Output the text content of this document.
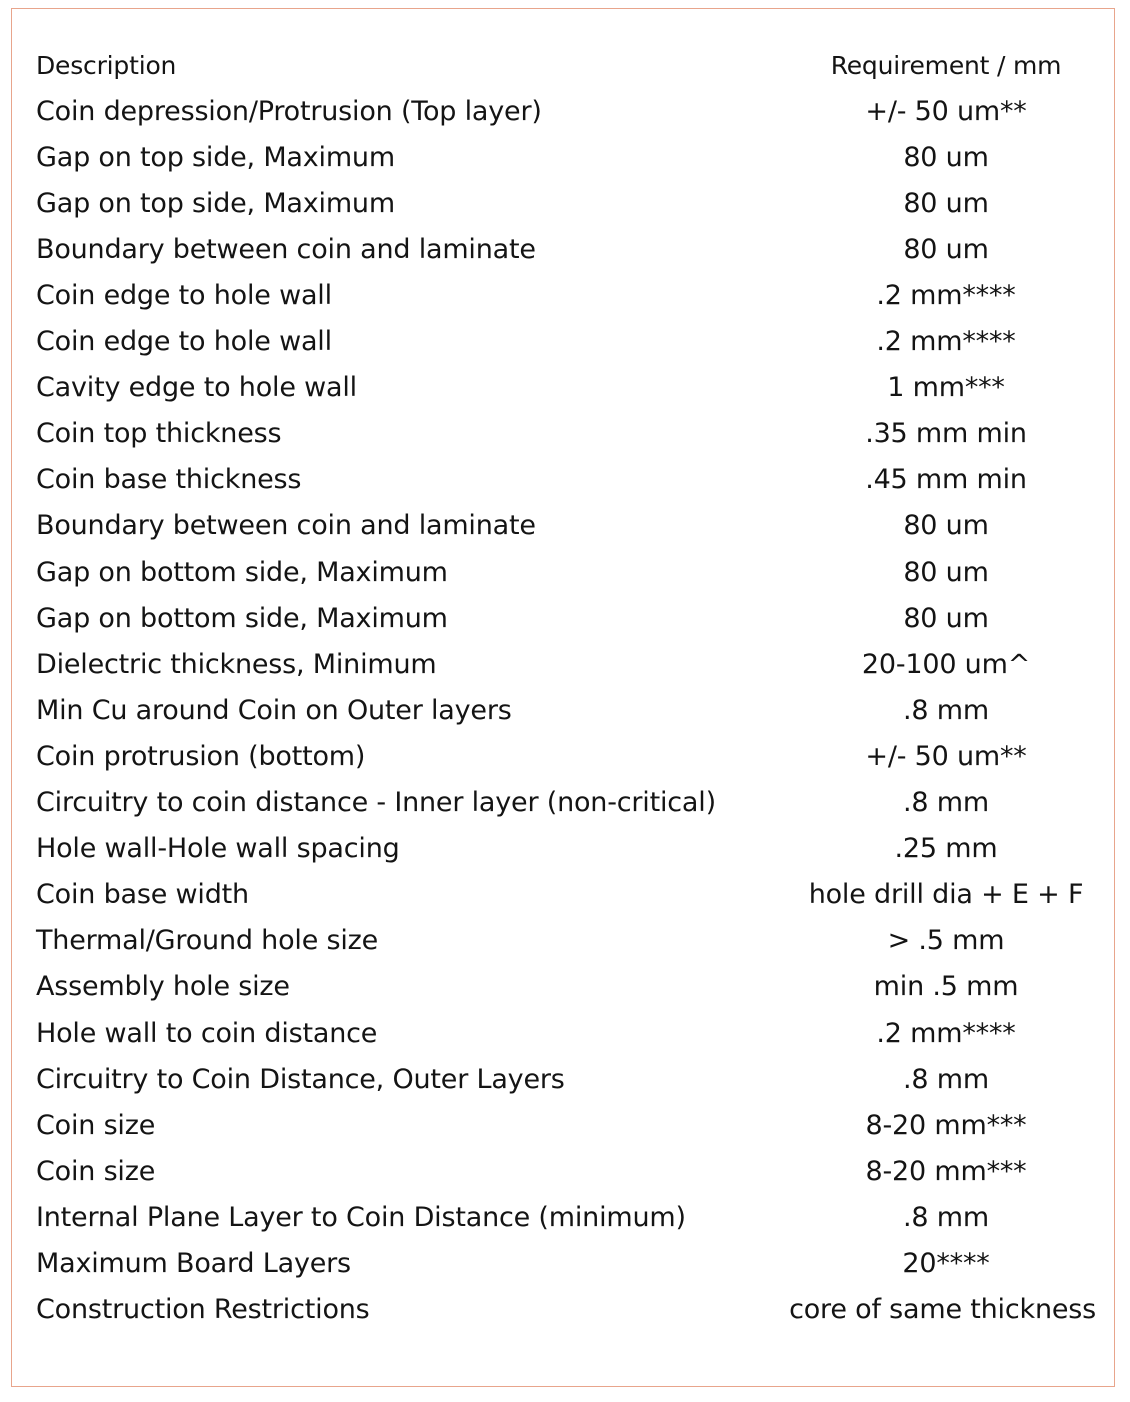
Description	Requirement / mm
Coin depression/Protrusion (Top layer)	+/- 50 um**
Gap on top side, Maximum	80 um
Gap on top side, Maximum	80 um
Boundary between coin and laminate	80 um
Coin edge to hole wall	.2 mm****
Coin edge to hole wall	.2 mm****
Cavity edge to hole wall	1 mm***
Coin top thickness	.35 mm min
Coin base thickness	.45 mm min
Boundary between coin and laminate	80 um
Gap on bottom side, Maximum	80 um
Gap on bottom side, Maximum	80 um
Dielectric thickness, Minimum	20-100 um^
Min Cu around Coin on Outer layers	.8 mm
Coin protrusion (bottom)	+/- 50 um**
Circuitry to coin distance - Inner layer (non-critical)	.8 mm
Hole wall-Hole wall spacing	.25 mm
Coin base width	hole drill dia + E + F
Thermal/Ground hole size	> .5 mm
Assembly hole size	min .5 mm
Hole wall to coin distance	.2 mm****
Circuitry to Coin Distance, Outer Layers	.8 mm
Coin size	8-20 mm***
Coin size	8-20 mm***
Internal Plane Layer to Coin Distance (minimum)	.8 mm
Maximum Board Layers	20****
Construction Restrictions	core of same thickness
